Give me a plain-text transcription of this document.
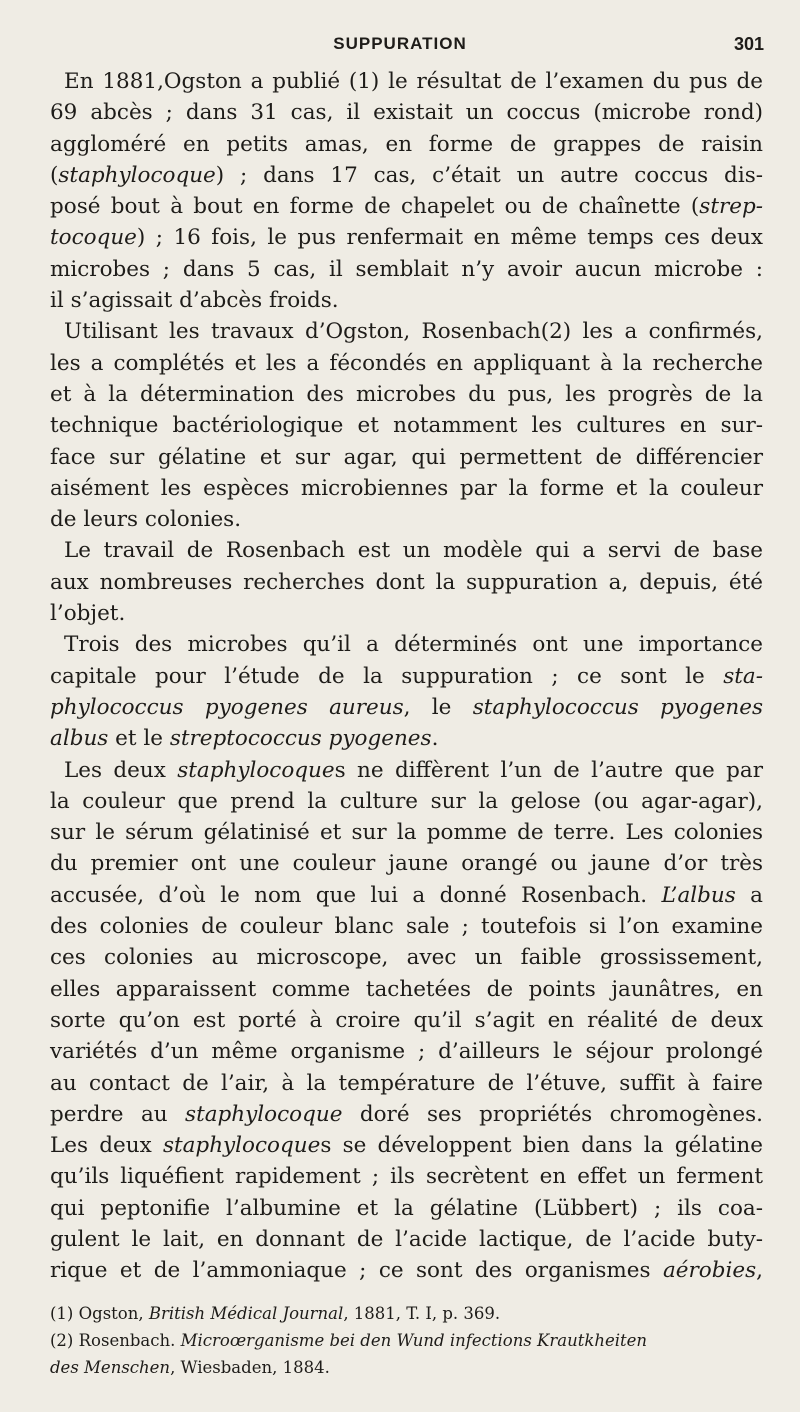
SUPPURATION	301
En 1881,Ogston a publié (1) le résultat de l’examen du pus de
69 abcès ; dans 31 cas, il existait un coccus (microbe rond)
aggloméré en petits amas, en forme de grappes de raisin
(staphylocoque) ; dans 17 cas, c’était un autre coccus dis-
posé bout à bout en forme de chapelet ou de chaînette (strep-
tocoque) ; 16 fois, le pus renfermait en même temps ces deux
microbes ; dans 5 cas, il semblait n’y avoir aucun microbe :
il s’agissait d’abcès froids.
Utilisant les travaux d’Ogston, Rosenbach(2) les a confirmés,
les a complétés et les a fécondés en appliquant à la recherche
et à la détermination des microbes du pus, les progrès de la
technique bactériologique et notamment les cultures en sur-
face sur gélatine et sur agar, qui permettent de différencier
aisément les espèces microbiennes par la forme et la couleur
de leurs colonies.
Le travail de Rosenbach est un modèle qui a servi de base
aux nombreuses recherches dont la suppuration a, depuis, été
l’objet.
Trois des microbes qu’il a déterminés ont une importance
capitale pour l’étude de la suppuration ; ce sont le sta-
phylococcus pyogenes aureus, le staphylococcus pyogenes
albus et le streptococcus pyogenes.
Les deux staphylocoques ne diffèrent l’un de l’autre que par
la couleur que prend la culture sur la gelose (ou agar-agar),
sur le sérum gélatinisé et sur la pomme de terre. Les colonies
du premier ont une couleur jaune orangé ou jaune d’or très
accusée, d’où le nom que lui a donné Rosenbach. L’albus a
des colonies de couleur blanc sale ; toutefois si l’on examine
ces colonies au microscope, avec un faible grossissement,
elles apparaissent comme tachetées de points jaunâtres, en
sorte qu’on est porté à croire qu’il s’agit en réalité de deux
variétés d’un même organisme ; d’ailleurs le séjour prolongé
au contact de l’air, à la température de l’étuve, suffit à faire
perdre au staphylocoque doré ses propriétés chromogènes.
Les deux staphylocoques se développent bien dans la gélatine
qu’ils liquéfient rapidement ; ils secrètent en effet un ferment
qui peptonifie l’albumine et la gélatine (Lübbert) ; ils coa-
gulent le lait, en donnant de l’acide lactique, de l’acide buty-
rique et de l’ammoniaque ; ce sont des organismes aérobies,
(1) Ogston, British Médical Journal, 1881, T. I, p. 369.
(2) Rosenbach. Microœrganisme bei den Wund infections Krautkheiten
des Menschen, Wiesbaden, 1884.
